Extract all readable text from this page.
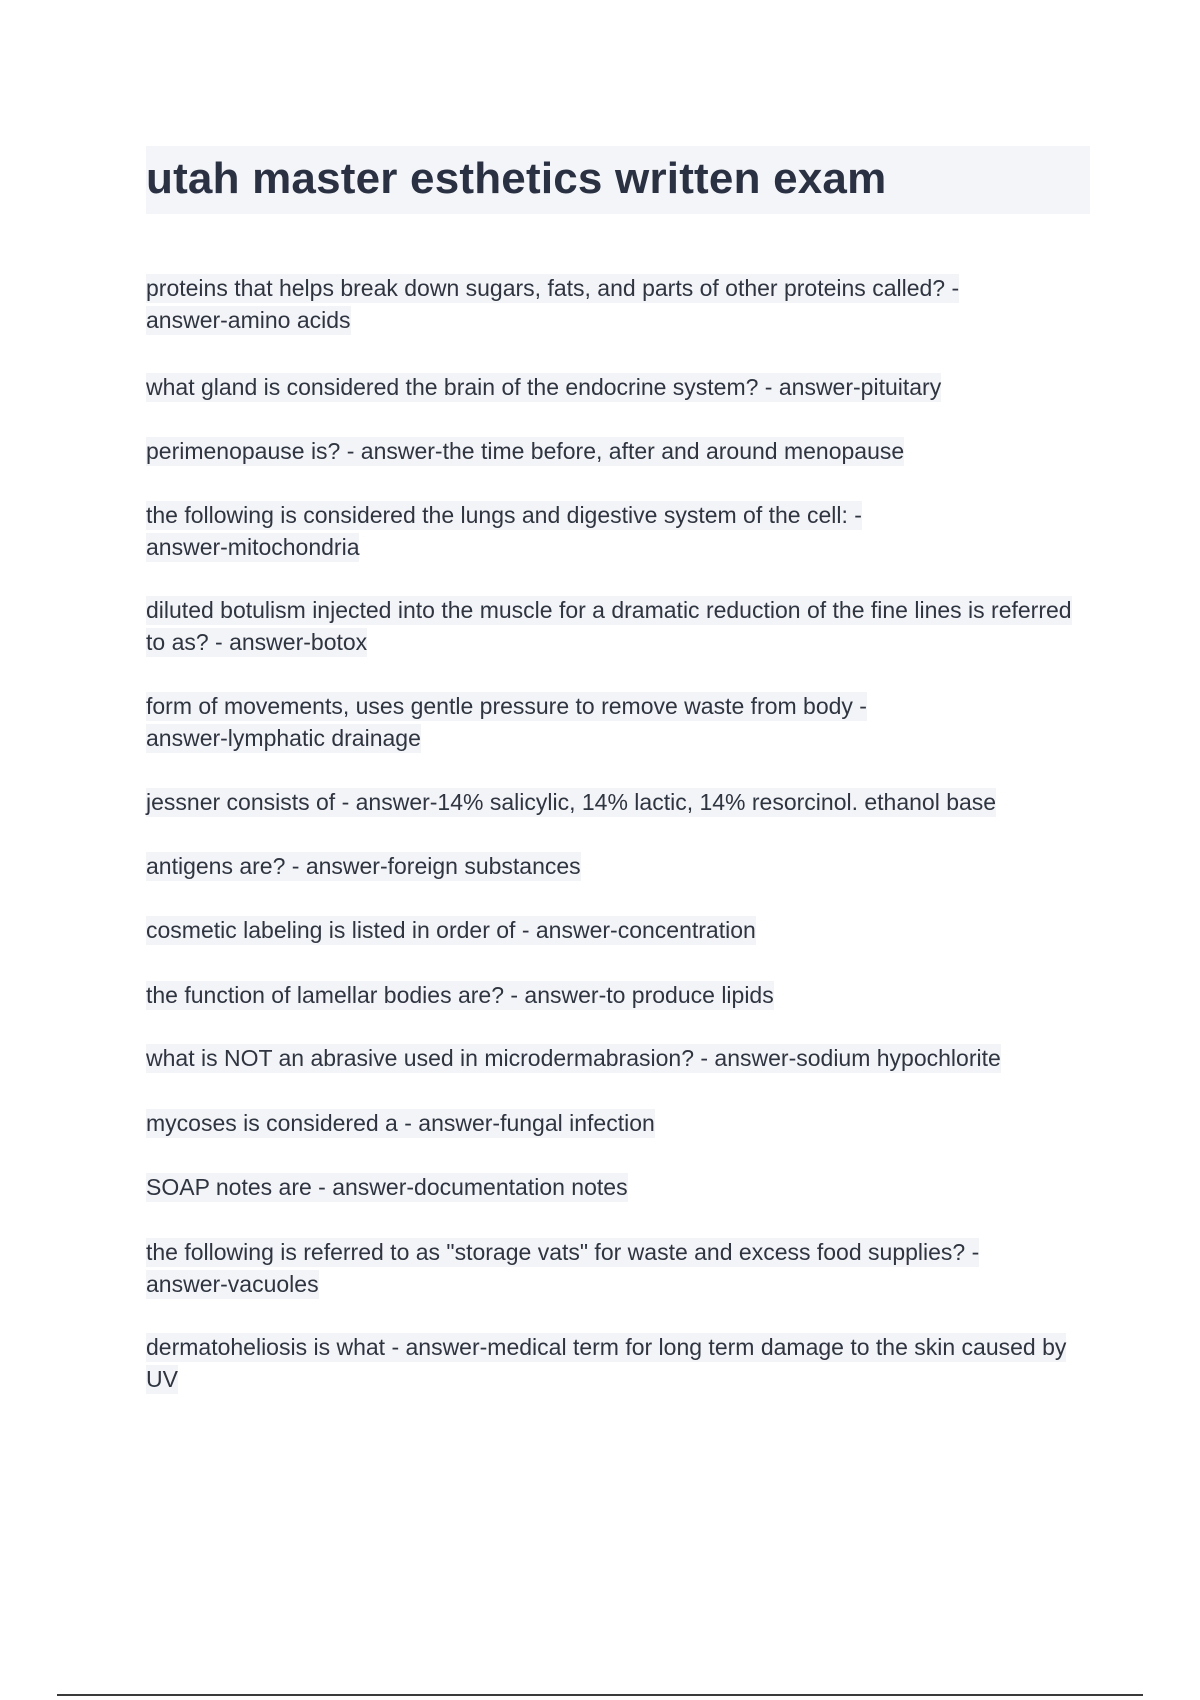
utah master esthetics written exam
proteins that helps break down sugars, fats, and parts of other proteins called? - answer-amino acids
what gland is considered the brain of the endocrine system? - answer-pituitary
perimenopause is? - answer-the time before, after and around menopause
the following is considered the lungs and digestive system of the cell: - answer-mitochondria
diluted botulism injected into the muscle for a dramatic reduction of the fine lines is referred to as? - answer-botox
form of movements, uses gentle pressure to remove waste from body - answer-lymphatic drainage
jessner consists of - answer-14% salicylic, 14% lactic, 14% resorcinol. ethanol base
antigens are? - answer-foreign substances
cosmetic labeling is listed in order of - answer-concentration
the function of lamellar bodies are? - answer-to produce lipids
what is NOT an abrasive used in microdermabrasion? - answer-sodium hypochlorite
mycoses is considered a - answer-fungal infection
SOAP notes are - answer-documentation notes
the following is referred to as "storage vats" for waste and excess food supplies? - answer-vacuoles
dermatoheliosis is what - answer-medical term for long term damage to the skin caused by UV
